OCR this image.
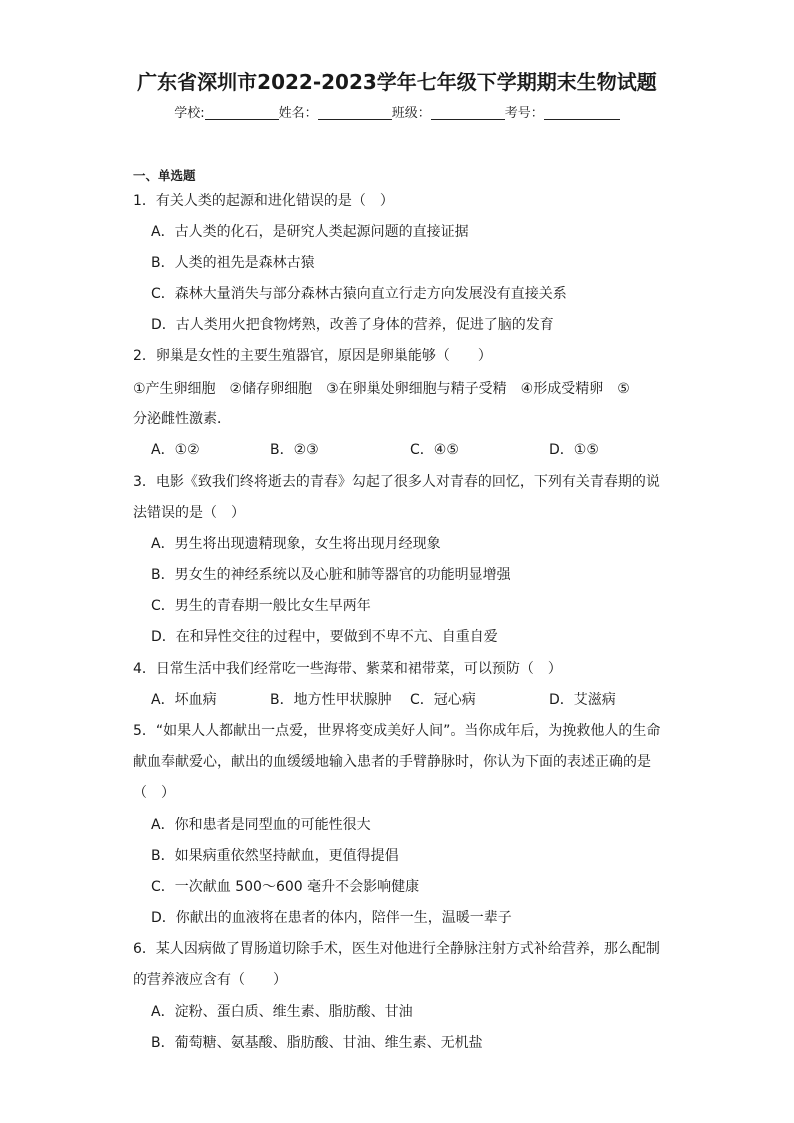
广东省深圳市2022-2023学年七年级下学期期末生物试题
学校:	姓名：	班级：	考号：
一、单选题
1．有关人类的起源和进化错误的是（　）
A．古人类的化石，是研究人类起源问题的直接证据
B．人类的祖先是森林古猿
C．森林大量消失与部分森林古猿向直立行走方向发展没有直接关系
D．古人类用火把食物烤熟，改善了身体的营养，促进了脑的发育
2．卵巢是女性的主要生殖器官，原因是卵巢能够（　　）
①产生卵细胞　②储存卵细胞　③在卵巢处卵细胞与精子受精　④形成受精卵　⑤
分泌雌性激素．
A．①②	B．②③	C．④⑤	D．①⑤
3．电影《致我们终将逝去的青春》勾起了很多人对青春的回忆，下列有关青春期的说
法错误的是（　）
A．男生将出现遗精现象，女生将出现月经现象
B．男女生的神经系统以及心脏和肺等器官的功能明显增强
C．男生的青春期一般比女生早两年
D．在和异性交往的过程中，要做到不卑不亢、自重自爱
4．日常生活中我们经常吃一些海带、紫菜和裙带菜，可以预防（　）
A．坏血病	B．地方性甲状腺肿 C．冠心病	D．艾滋病
5．“如果人人都献出一点爱，世界将变成美好人间”。当你成年后，为挽救他人的生命
献血奉献爱心，献出的血缓缓地输入患者的手臂静脉时，你认为下面的表述正确的是
（　）
A．你和患者是同型血的可能性很大
B．如果病重依然坚持献血，更值得提倡
C．一次献血 500～600 毫升不会影响健康
D．你献出的血液将在患者的体内，陪伴一生，温暖一辈子
6．某人因病做了胃肠道切除手术，医生对他进行全静脉注射方式补给营养，那么配制
的营养液应含有（　　）
A．淀粉、蛋白质、维生素、脂肪酸、甘油
B．葡萄糖、氨基酸、脂肪酸、甘油、维生素、无机盐
